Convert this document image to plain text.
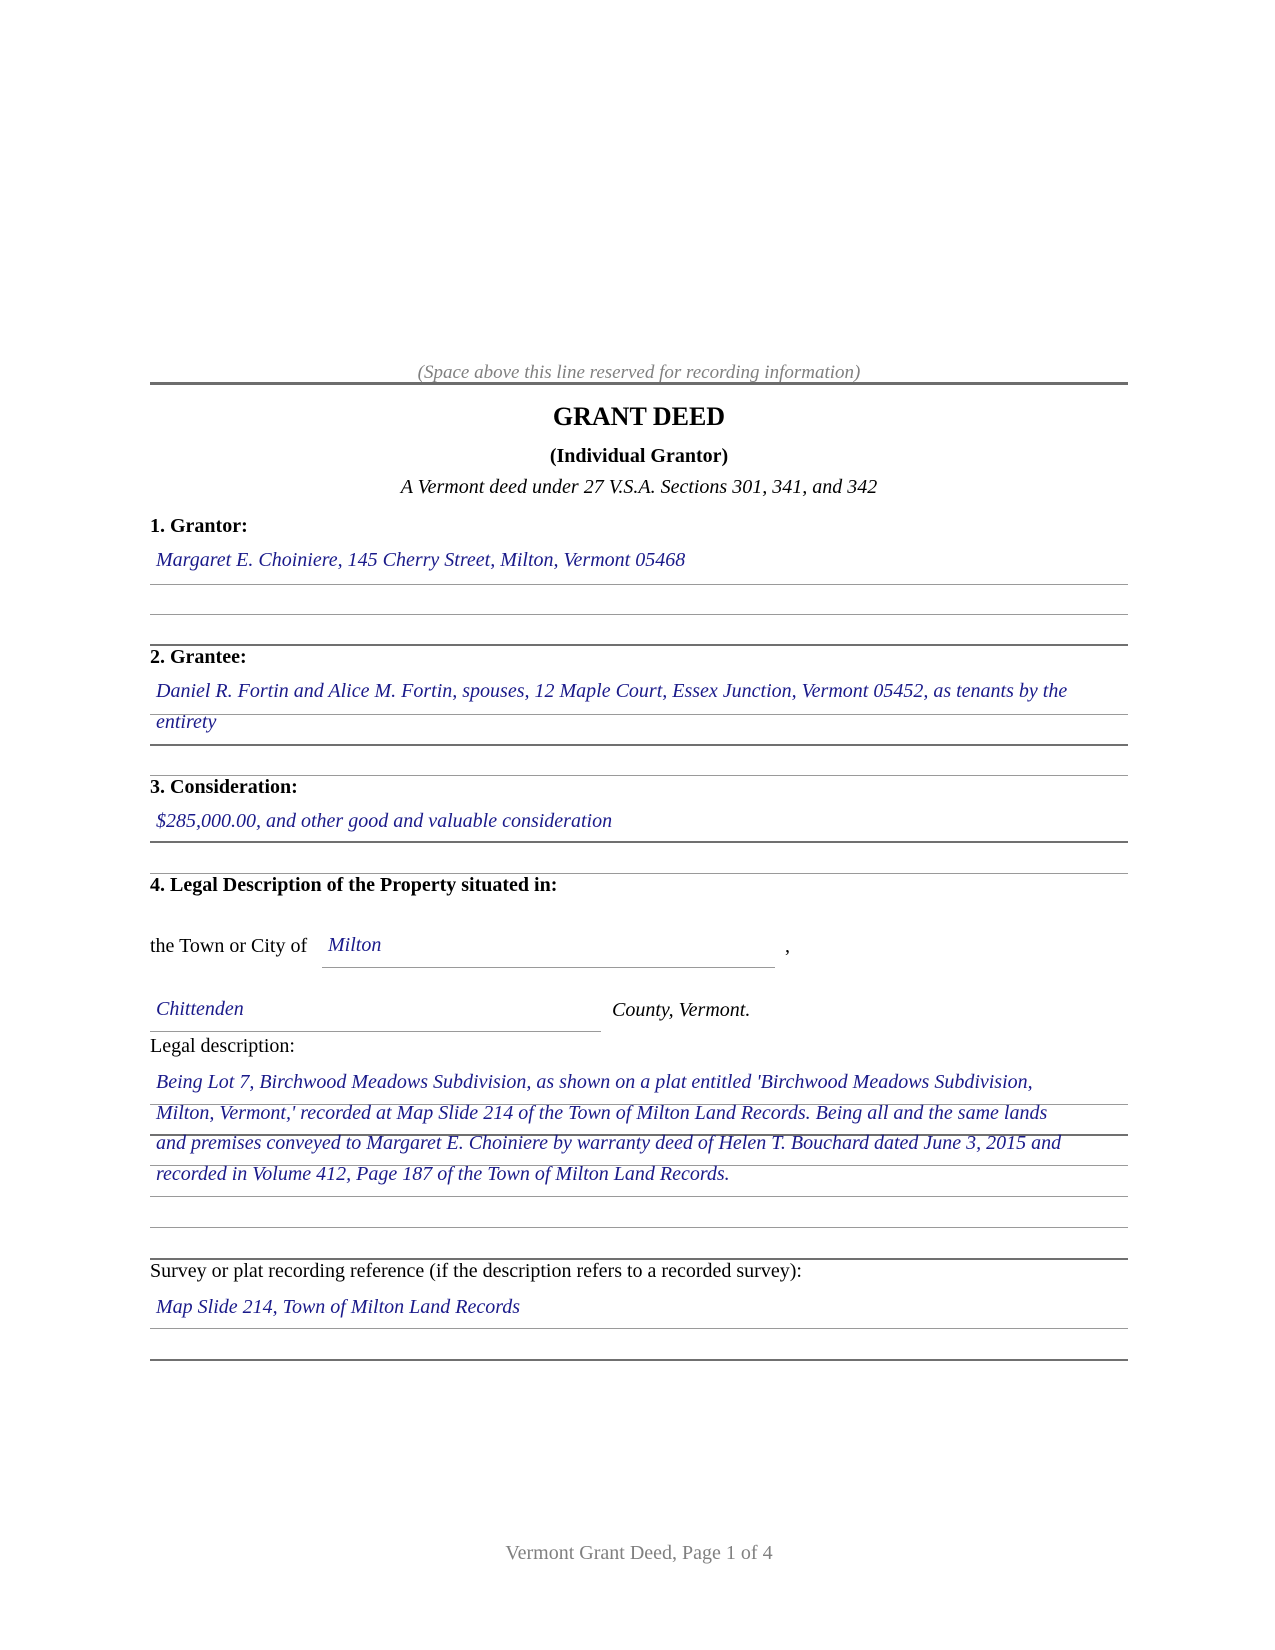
(Space above this line reserved for recording information)
GRANT DEED
(Individual Grantor)
A Vermont deed under 27 V.S.A. Sections 301, 341, and 342
1. Grantor:
Margaret E. Choiniere, 145 Cherry Street, Milton, Vermont 05468
2. Grantee:
Daniel R. Fortin and Alice M. Fortin, spouses, 12 Maple Court, Essex Junction, Vermont 05452, as tenants by the
entirety
3. Consideration:
$285,000.00, and other good and valuable consideration
4. Legal Description of the Property situated in:
the Town or City of Milton	,
Chittenden	County, Vermont.
Legal description:
Being Lot 7, Birchwood Meadows Subdivision, as shown on a plat entitled 'Birchwood Meadows Subdivision,
Milton, Vermont,' recorded at Map Slide 214 of the Town of Milton Land Records. Being all and the same lands
and premises conveyed to Margaret E. Choiniere by warranty deed of Helen T. Bouchard dated June 3, 2015 and
recorded in Volume 412, Page 187 of the Town of Milton Land Records.
Survey or plat recording reference (if the description refers to a recorded survey):
Map Slide 214, Town of Milton Land Records
Vermont Grant Deed, Page 1 of 4
